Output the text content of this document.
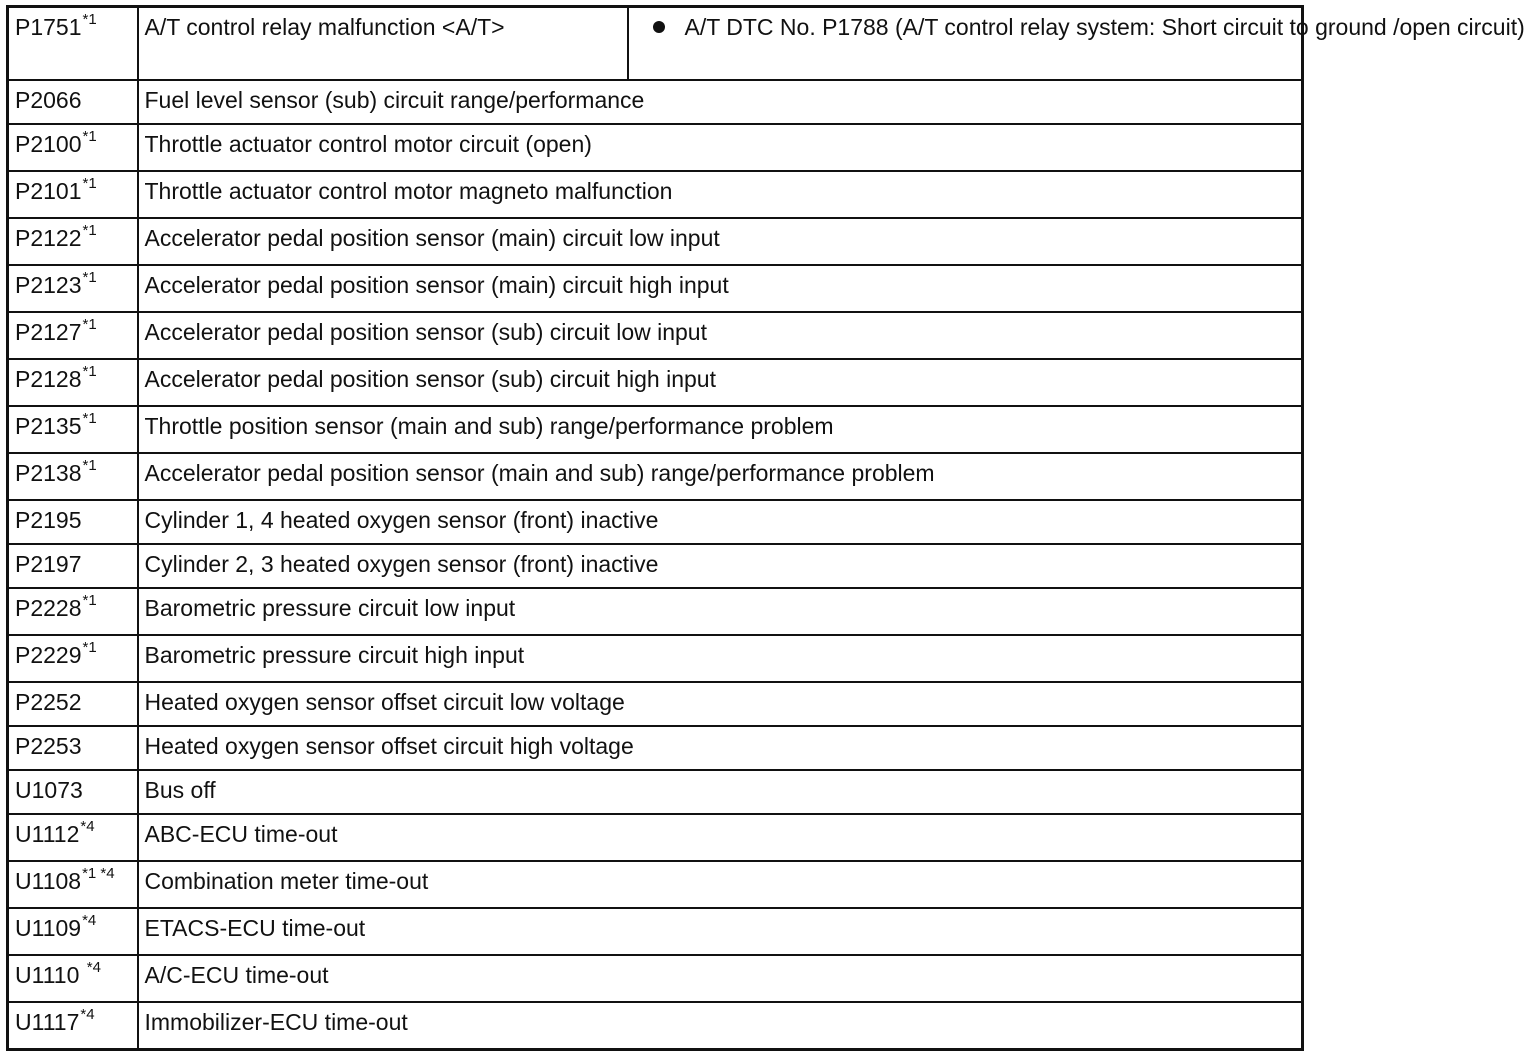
P1751$^{*1}$	A/T control relay malfunction <A/T>	A/T DTC No. P1788 (A/T control relay system: Short circuit to ground /open circuit)

P2066	Fuel level sensor (sub) circuit range/performance	
P2100$^{*1}$	Throttle actuator control motor circuit (open)	
P2101$^{*1}$	Throttle actuator control motor magneto malfunction	
P2122$^{*1}$	Accelerator pedal position sensor (main) circuit low input	
P2123$^{*1}$	Accelerator pedal position sensor (main) circuit high input	
P2127$^{*1}$	Accelerator pedal position sensor (sub) circuit low input	
P2128$^{*1}$	Accelerator pedal position sensor (sub) circuit high input	
P2135$^{*1}$	Throttle position sensor (main and sub) range/performance problem	
P2138$^{*1}$	Accelerator pedal position sensor (main and sub) range/performance problem	
P2195	Cylinder 1, 4 heated oxygen sensor (front) inactive	
P2197	Cylinder 2, 3 heated oxygen sensor (front) inactive	
P2228$^{*1}$	Barometric pressure circuit low input	
P2229$^{*1}$	Barometric pressure circuit high input	
P2252	Heated oxygen sensor offset circuit low voltage	
P2253	Heated oxygen sensor offset circuit high voltage	
U1073	Bus off	
U1112$^{*4}$	ABC-ECU time-out	
$U1108^{*1 *4}$	Combination meter time-out	
U1109$^{*4}$	ETACS-ECU time-out	
U1110 $^{*4}$	A/C-ECU time-out	
U1117$^{*4}$	Immobilizer-ECU time-out	
